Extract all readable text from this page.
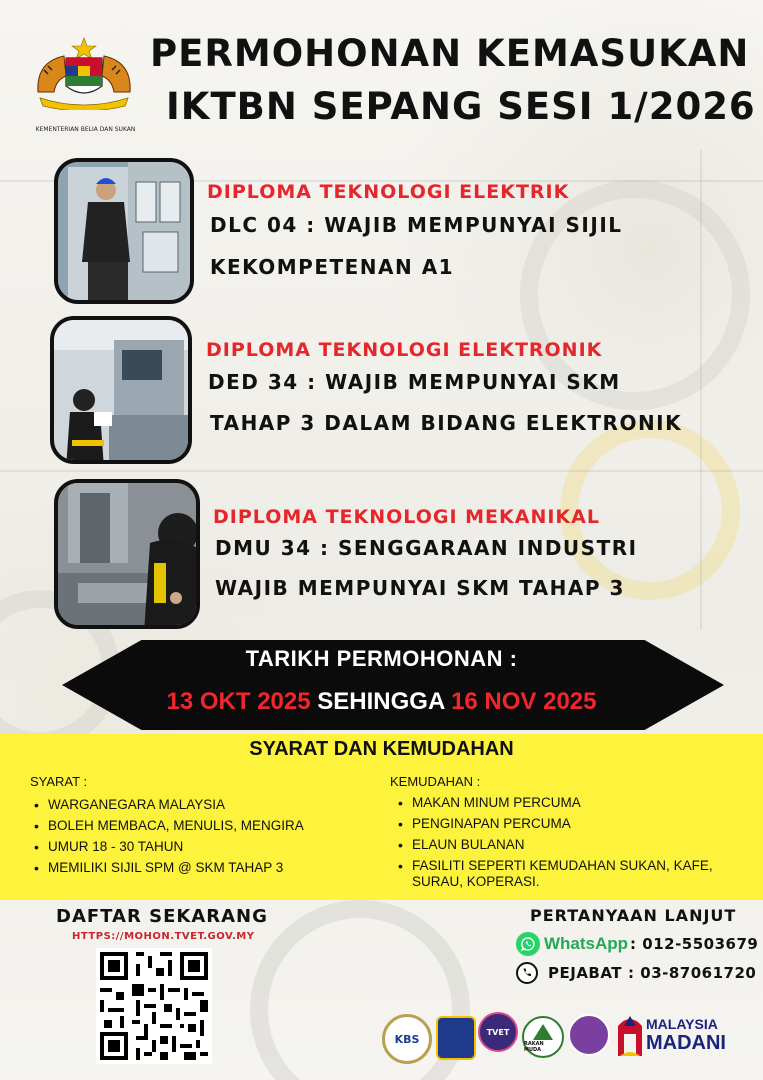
KEMENTERIAN BELIA DAN SUKAN
PERMOHONAN KEMASUKAN
IKTBN SEPANG SESI 1/2026
DIPLOMA TEKNOLOGI ELEKTRIK
DLC 04 : WAJIB MEMPUNYAI SIJIL
KEKOMPETENAN A1
DIPLOMA TEKNOLOGI ELEKTRONIK
DED 34 : WAJIB MEMPUNYAI SKM
TAHAP 3 DALAM BIDANG ELEKTRONIK
DIPLOMA TEKNOLOGI MEKANIKAL
DMU 34 : SENGGARAAN INDUSTRI
WAJIB MEMPUNYAI SKM TAHAP 3
TARIKH PERMOHONAN :
13 OKT 2025 SEHINGGA 16 NOV 2025
SYARAT DAN KEMUDAHAN
SYARAT :
• WARGANEGARA MALAYSIA
• BOLEH MEMBACA, MENULIS, MENGIRA
• UMUR 18 - 30 TAHUN
• MEMILIKI SIJIL SPM @ SKM TAHAP 3
KEMUDAHAN :
• MAKAN MINUM PERCUMA
• PENGINAPAN PERCUMA
• ELAUN BULANAN
• FASILITI SEPERTI KEMUDAHAN SUKAN, KAFE, SURAU, KOPERASI.
DAFTAR SEKARANG
HTTPS://MOHON.TVET.GOV.MY
PERTANYAAN LANJUT
WhatsApp : 012-5503679
PEJABAT : 03-87061720
KBS
TVET
RAKAN MUDA
MALAYSIA
MADANI
